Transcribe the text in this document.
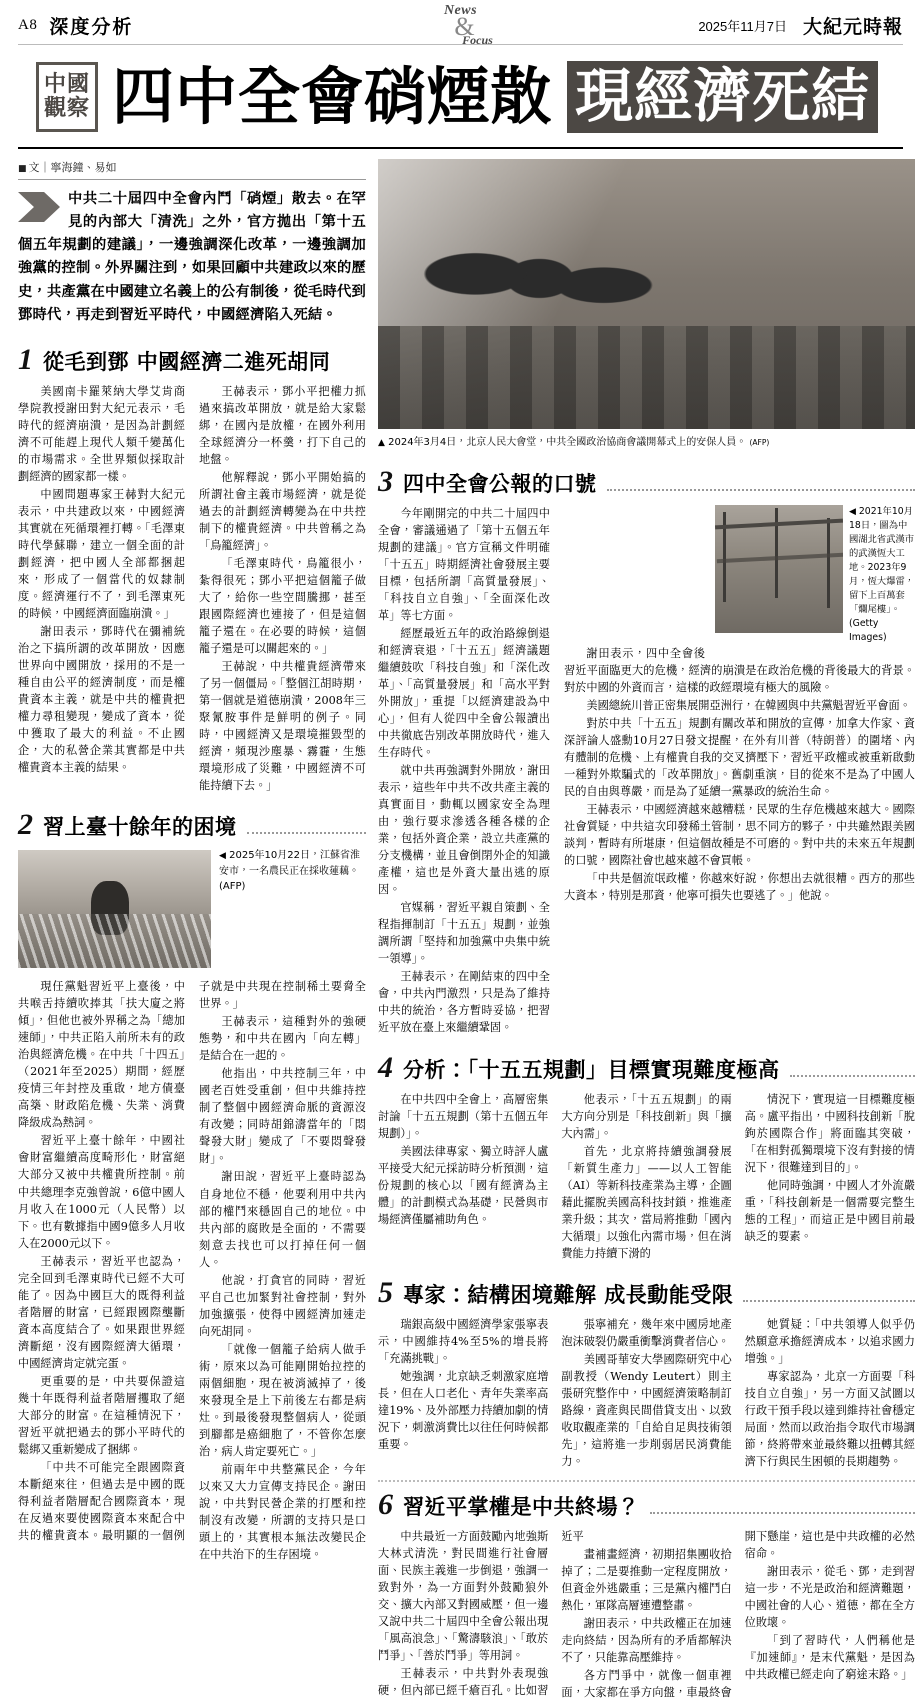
A8 深度分析
News
&
Focus
2025年11月7日 大紀元時報
中國
觀察 四中全會硝煙散 現經濟死結
■ 文｜寧海鐘、易如
中共二十屆四中全會內鬥「硝煙」散去。在罕見的內部大「清洗」之外，官方拋出「第十五個五年規劃的建議」，一邊強調深化改革，一邊強調加強黨的控制。外界關注到，如果回顧中共建政以來的歷史，共產黨在中國建立名義上的公有制後，從毛時代到鄧時代，再走到習近平時代，中國經濟陷入死結。
1 從毛到鄧 中國經濟二進死胡同

美國南卡羅萊納大學艾肯商學院教授謝田對大紀元表示，毛時代的經濟崩潰，是因為計劃經濟不可能趕上現代人類千變萬化的市場需求。全世界類似採取計劃經濟的國家都一樣。

中國問題專家王赫對大紀元表示，中共建政以來，中國經濟其實就在死循環裡打轉。「毛澤東時代學蘇聯，建立一個全面的計劃經濟，把中國人全部都捆起來，形成了一個當代的奴隸制度。經濟運行不了，到毛澤東死的時候，中國經濟面臨崩潰。」

謝田表示，鄧時代在彌補統治之下搞所謂的改革開放，因應世界向中國開放，採用的不是一種自由公平的經濟制度，而是權貴資本主義，就是中共的權貴把權力尋租變現，變成了資本，從中獲取了最大的利益。不止國企，大的私營企業其實都是中共權貴資本主義的結果。

王赫表示，鄧小平把權力抓過來搞改革開放，就是給大家鬆綁，在國內是放權，在國外利用全球經濟分一杯羹，打下自己的地盤。

他解釋說，鄧小平開始搞的所謂社會主義市場經濟，就是從過去的計劃經濟轉變為在中共控制下的權貴經濟。中共曾稱之為「鳥籠經濟」。

「毛澤東時代，鳥籠很小，紮得很死；鄧小平把這個籠子做大了，給你一些空間騰挪，甚至跟國際經濟也連接了，但是這個籠子還在。在必要的時候，這個籠子還是可以關起來的。」

王赫說，中共權貴經濟帶來了另一個僵局。「整個江胡時期，第一個就是道德崩潰，2008年三聚氰胺事件是鮮明的例子。同時，中國經濟又是環境摧毀型的經濟，頻現沙塵暴、霧霾，生態環境形成了災難，中國經濟不可能持續下去。」

2 習上臺十餘年的困境
◀ 2025年10月22日，江蘇省淮安市，一名農民正在採收蓮藕。 (AFP)

現任黨魁習近平上臺後，中共喉舌持續吹捧其「扶大廈之將傾」，但他也被外界稱之為「總加速師」，中共正陷入前所未有的政治與經濟危機。在中共「十四五」（2021年至2025）期間，經歷疫情三年封控及重啟，地方債臺高築、財政陷危機、失業、消費降級成為熱詞。

習近平上臺十餘年，中國社會財富繼續高度畸形化，財富絕大部分又被中共權貴所控制。前中共總理李克強曾說，6億中國人月收入在1000元（人民幣）以下。也有數據指中國9億多人月收入在2000元以下。

王赫表示，習近平也認為，完全回到毛澤東時代已經不大可能了。因為中國巨大的既得利益者階層的財富，已經跟國際壟斷資本高度結合了。如果跟世界經濟斷絕，沒有國際經濟大循環，中國經濟肯定就完蛋。

更重要的是，中共要保證這幾十年既得利益者階層攫取了絕大部分的財富。在這種情況下，習近平就把過去的鄧小平時代的鬆綁又重新變成了捆綁。

「中共不可能完全跟國際資本斷絕來往，但過去是中國的既得利益者階層配合國際資本，現在反過來要使國際資本來配合中共的權貴資本。最明顯的一個例子就是中共現在控制稀土要脅全世界。」

王赫表示，這種對外的強硬態勢，和中共在國內「向左轉」是結合在一起的。

他指出，中共控制三年，中國老百姓受重創，但中共維持控制了整個中國經濟命脈的資源沒有改變；同時胡錦濤當年的「悶聲發大財」變成了「不要悶聲發財」。

謝田說，習近平上臺時認為自身地位不穩，他要利用中共內部的權鬥來穩固自己的地位。中共內部的腐敗是全面的，不需要刻意去找也可以打掉任何一個人。

他說，打貪官的同時，習近平自己也加緊對社會控制，對外加強擴張，使得中國經濟加速走向死胡同。

「就像一個籠子給病人做手術，原來以為可能剛開始拉控的兩個細胞，現在被消滅掉了，後來發現全是上下前後左右都是病灶。到最後發現整個病人，從頭到腳都是癌細胞了，不管你怎麼治，病人肯定要死亡。」

前兩年中共整黨民企，今年以來又大力宣傳支持民企。謝田說，中共對民營企業的打壓和控制沒有改變，所謂的支持只是口頭上的，其實根本無法改變民企在中共治下的生存困境。

▲ 2024年3月4日，北京人民大會堂，中共全國政治協商會議開幕式上的安保人員。 (AFP)
3 四中全會公報的口號
◀ 2021年10月18日，圖為中國湖北省武漢市的武漢恆大工地。2023年9月，恆大爆雷，留下上百萬套「爛尾樓」。 (Getty Images)

今年剛開完的中共二十屆四中全會，審議通過了「第十五個五年規劃的建議」。官方宣稱文件明確「十五五」時期經濟社會發展主要目標，包括所謂「高質量發展」、「科技自立自強」、「全面深化改革」等七方面。

經歷最近五年的政治路線倒退和經濟衰退，「十五五」經濟議題繼續鼓吹「科技自強」和「深化改革」、「高質量發展」和「高水平對外開放」，重提「以經濟建設為中心」，但有人從四中全會公報讀出中共徹底告別改革開放時代，進入生存時代。

就中共再強調對外開放，謝田表示，這些年中共不改共產主義的真實面目，動輒以國家安全為理由，強行要求滲透各種各樣的企業，包括外資企業，設立共產黨的分支機構，並且會倒閉外企的知識產權，這也是外資大量出逃的原因。

官媒稱，習近平親自策劃、全程指揮制訂「十五五」規劃，並強調所謂「堅持和加強黨中央集中統一領導」。

王赫表示，在剛結束的四中全會，中共內門激烈，只是為了維持中共的統治，各方暫時妥協，把習近平放在臺上來繼續鞏固。

謝田表示，四中全會後習近平面臨更大的危機，經濟的崩潰是在政治危機的背後最大的背景。對於中國的外資而言，這樣的政經環境有極大的風險。

美國總統川普正密集展開亞洲行，在韓國與中共黨魁習近平會面。

對於中共「十五五」規劃有關改革和開放的宣傳，加拿大作家、資深評論人盛勳10月27日發文提醒，在外有川普（特朗普）的圍堵、內有體制的危機、上有權貴自我的交叉擠壓下，習近平政權或被重新啟動一種對外欺騙式的「改革開放」。舊劇重演，目的從來不是為了中國人民的自由與尊嚴，而是為了延續一黨暴政的統治生命。

王赫表示，中國經濟越來越糟糕，民眾的生存危機越來越大。國際社會質疑，中共這次印發稀土管制，思不同方的夥子，中共雖然跟美國談判，暫時有所堪康，但這個故種是不可磨的。對中共的未來五年規劃的口號，國際社會也越來越不會買帳。

「中共是個流氓政權，你越來好說，你想出去就很糟。西方的那些大資本，特別是那資，他寧可損失也要逃了。」他說。

4 分析：「十五五規劃」目標實現難度極高

在中共四中全會上，高層密集討論「十五五規劃（第十五個五年規劃）」。

美國法律專家、獨立時評人盧平接受大紀元採訪時分析預測，這份規劃的核心以「國有經濟為主體」的計劃模式為基礎，民營與市場經濟僅屬補助角色。

他表示，「十五五規劃」的兩大方向分別是「科技創新」與「擴大內需」。

首先，北京將持續強調發展「新質生產力」——以人工智能（AI）等新科技產業為主導，企圖藉此擺脫美國高科技封鎖，推進產業升級；其次，當局將推動「國內大循環」以強化內需市場，但在消費能力持續下滑的

情況下，實現這一目標難度極高。盧平指出，中國科技創新「脫鉤於國際合作」將面臨其突破，「在相對孤獨環境下沒有對接的情況下，很難達到目的」。

他同時強調，中國人才外流嚴重，「科技創新是一個需要完整生態的工程」，而這正是中國目前最缺乏的要素。

5 專家：結構困境難解 成長動能受限

瑞銀高級中國經濟學家張寧表示，中國維持4%至5%的增長將「充滿挑戰」。

她強調，北京缺乏刺激家庭增長，但在人口老化、青年失業率高達19%、及外部壓力持續加劇的情況下，刺激消費比以往任何時候都重要。

張寧補充，幾年來中國房地產泡沫破裂仍嚴重衝擊消費者信心。

美國哥華安大學國際研究中心副教授（Wendy Leutert）則主張研究整作中，中國經濟策略制訂路線，資產與民間借貸支出、以致收取觀產業的「自給自足與技術領先」，這將進一步削弱居民消費能力。

她質疑：「中共領導人似乎仍然願意承擔經濟成本，以追求國力增強。」

專家認為，北京一方面要「科技自立自強」，另一方面又試圖以行政干預手段以達到維持社會穩定局面，然而以政治指令取代市場調節，終將帶來並最終難以扭轉其經濟下行與民生困頓的長期趨勢。

6 習近平掌權是中共終場？

中共最近一方面鼓勵內地強斯大林式清洗，對民間進行社會層面、民族主義進一步倒退，強調一致對外，為一方面對外鼓勵狼外交、擴大內部又對國威壓，但一邊又說中共二十屆四中全會公報出現「風高浪急」、「驚濤駭浪」、「敢於鬥爭」、「善於鬥爭」等用詞。

王赫表示，中共對外表現強硬，但內部已經千瘡百孔。比如習近平

畫補畫經濟，初期招集團收拾掉了；二是要推動一定程度開放，但資金外逃嚴重；三是黨內權鬥白熱化，軍隊高層連遭整肅。

謝田表示，中共政權正在加速走向終結，因為所有的矛盾都解決不了，只能靠高壓維持。

各方鬥爭中，就像一個車裡面，大家都在爭方向盤，車最終會開下懸崖，這也是中共政權的必然宿命。

謝田表示，從毛、鄧，走到習這一步，不光是政治和經濟難題，中國社會的人心、道德，都在全方位敗壞。

「到了習時代，人們稱他是『加速師』，是末代黨魁，是因為中共政權已經走向了窮途末路。」
